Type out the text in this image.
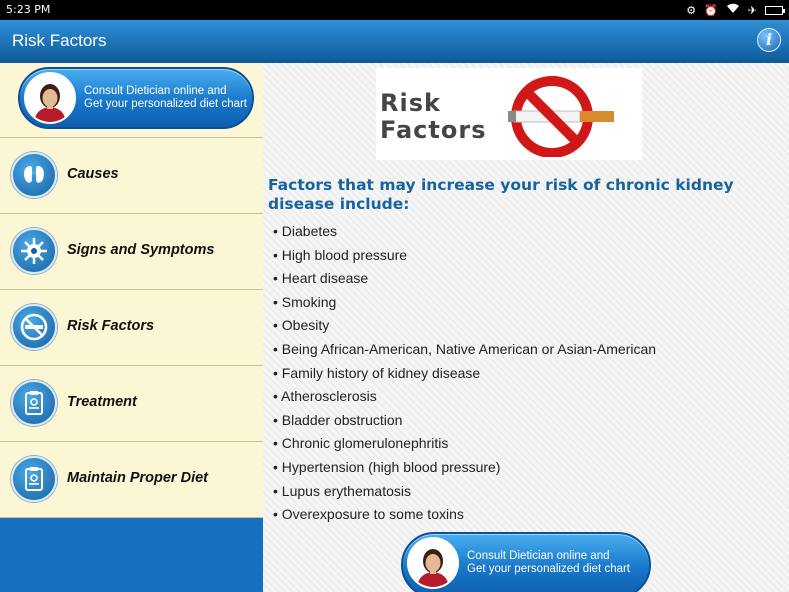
5:23 PM	⚙ ⏰	✈
Risk Factors	i
Consult Dietician online and
Get your personalized diet chart
Causes
Signs and Symptoms
Risk Factors
Treatment
Maintain Proper Diet
Risk
Factors
Factors that may increase your risk of chronic kidney disease include:
• Diabetes
• High blood pressure
• Heart disease
• Smoking
• Obesity
• Being African-American, Native American or Asian-American
• Family history of kidney disease
• Atherosclerosis
• Bladder obstruction
• Chronic glomerulonephritis
• Hypertension (high blood pressure)
• Lupus erythematosis
• Overexposure to some toxins
Consult Dietician online and
Get your personalized diet chart
